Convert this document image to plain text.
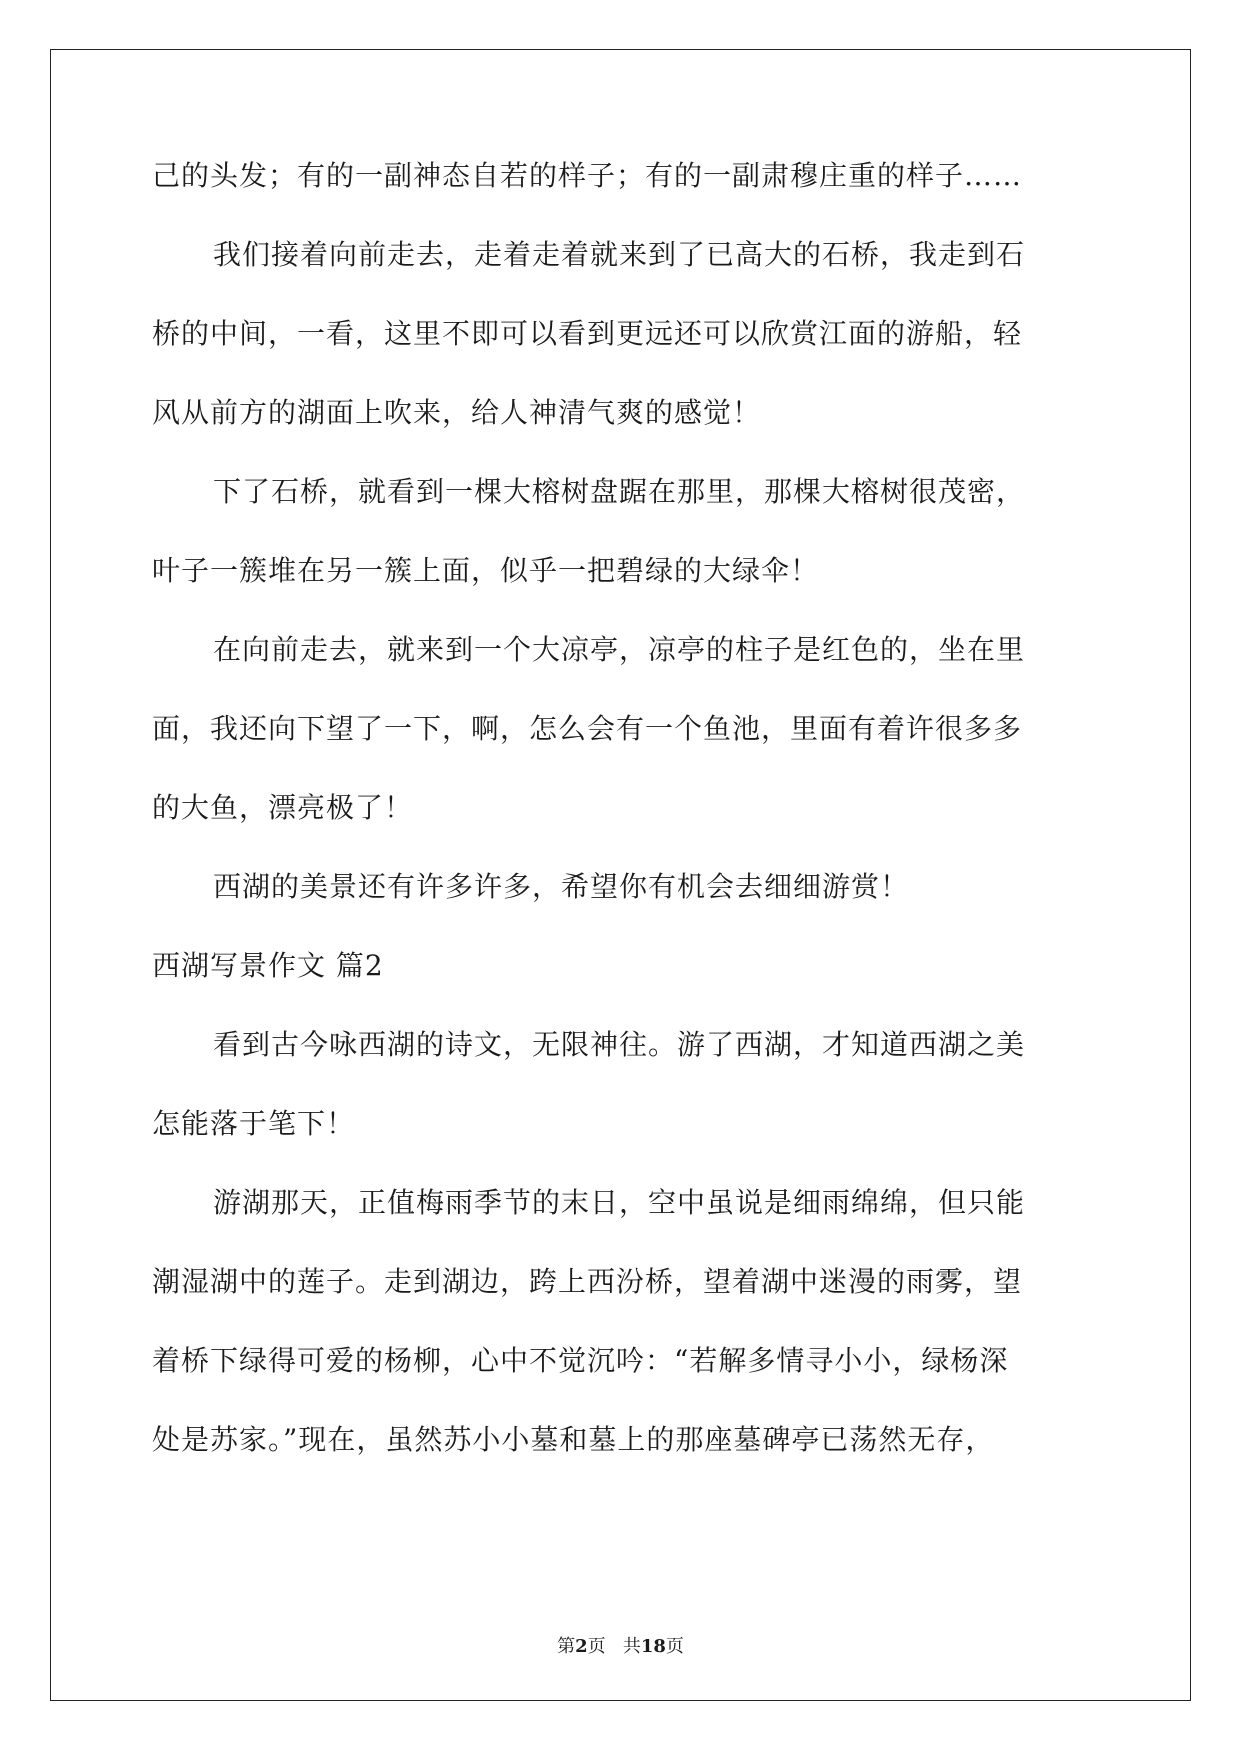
己的头发；有的一副神态自若的样子；有的一副肃穆庄重的样子……
我们接着向前走去，走着走着就来到了已高大的石桥，我走到石
桥的中间，一看，这里不即可以看到更远还可以欣赏江面的游船，轻
风从前方的湖面上吹来，给人神清气爽的感觉！
下了石桥，就看到一棵大榕树盘踞在那里，那棵大榕树很茂密，
叶子一簇堆在另一簇上面，似乎一把碧绿的大绿伞！
在向前走去，就来到一个大凉亭，凉亭的柱子是红色的，坐在里
面，我还向下望了一下，啊，怎么会有一个鱼池，里面有着许很多多
的大鱼，漂亮极了！
西湖的美景还有许多许多，希望你有机会去细细游赏！
西湖写景作文 篇2
看到古今咏西湖的诗文，无限神往。游了西湖，才知道西湖之美
怎能落于笔下！
游湖那天，正值梅雨季节的末日，空中虽说是细雨绵绵，但只能
潮湿湖中的莲子。走到湖边，跨上西汾桥，望着湖中迷漫的雨雾，望
着桥下绿得可爱的杨柳，心中不觉沉吟：“若解多情寻小小，绿杨深
处是苏家。”现在，虽然苏小小墓和墓上的那座墓碑亭已荡然无存，
第2页 共18页
